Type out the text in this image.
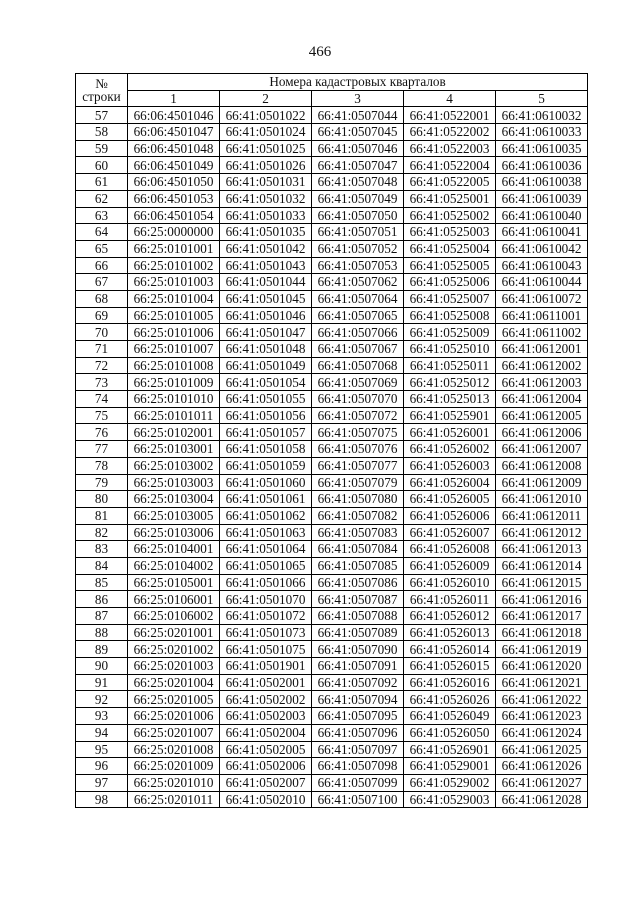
466
№
строки	Номера кадастровых кварталов				
	1	2	3	4	5
57	66:06:4501046	66:41:0501022	66:41:0507044	66:41:0522001	66:41:0610032
58	66:06:4501047	66:41:0501024	66:41:0507045	66:41:0522002	66:41:0610033
59	66:06:4501048	66:41:0501025	66:41:0507046	66:41:0522003	66:41:0610035
60	66:06:4501049	66:41:0501026	66:41:0507047	66:41:0522004	66:41:0610036
61	66:06:4501050	66:41:0501031	66:41:0507048	66:41:0522005	66:41:0610038
62	66:06:4501053	66:41:0501032	66:41:0507049	66:41:0525001	66:41:0610039
63	66:06:4501054	66:41:0501033	66:41:0507050	66:41:0525002	66:41:0610040
64	66:25:0000000	66:41:0501035	66:41:0507051	66:41:0525003	66:41:0610041
65	66:25:0101001	66:41:0501042	66:41:0507052	66:41:0525004	66:41:0610042
66	66:25:0101002	66:41:0501043	66:41:0507053	66:41:0525005	66:41:0610043
67	66:25:0101003	66:41:0501044	66:41:0507062	66:41:0525006	66:41:0610044
68	66:25:0101004	66:41:0501045	66:41:0507064	66:41:0525007	66:41:0610072
69	66:25:0101005	66:41:0501046	66:41:0507065	66:41:0525008	66:41:0611001
70	66:25:0101006	66:41:0501047	66:41:0507066	66:41:0525009	66:41:0611002
71	66:25:0101007	66:41:0501048	66:41:0507067	66:41:0525010	66:41:0612001
72	66:25:0101008	66:41:0501049	66:41:0507068	66:41:0525011	66:41:0612002
73	66:25:0101009	66:41:0501054	66:41:0507069	66:41:0525012	66:41:0612003
74	66:25:0101010	66:41:0501055	66:41:0507070	66:41:0525013	66:41:0612004
75	66:25:0101011	66:41:0501056	66:41:0507072	66:41:0525901	66:41:0612005
76	66:25:0102001	66:41:0501057	66:41:0507075	66:41:0526001	66:41:0612006
77	66:25:0103001	66:41:0501058	66:41:0507076	66:41:0526002	66:41:0612007
78	66:25:0103002	66:41:0501059	66:41:0507077	66:41:0526003	66:41:0612008
79	66:25:0103003	66:41:0501060	66:41:0507079	66:41:0526004	66:41:0612009
80	66:25:0103004	66:41:0501061	66:41:0507080	66:41:0526005	66:41:0612010
81	66:25:0103005	66:41:0501062	66:41:0507082	66:41:0526006	66:41:0612011
82	66:25:0103006	66:41:0501063	66:41:0507083	66:41:0526007	66:41:0612012
83	66:25:0104001	66:41:0501064	66:41:0507084	66:41:0526008	66:41:0612013
84	66:25:0104002	66:41:0501065	66:41:0507085	66:41:0526009	66:41:0612014
85	66:25:0105001	66:41:0501066	66:41:0507086	66:41:0526010	66:41:0612015
86	66:25:0106001	66:41:0501070	66:41:0507087	66:41:0526011	66:41:0612016
87	66:25:0106002	66:41:0501072	66:41:0507088	66:41:0526012	66:41:0612017
88	66:25:0201001	66:41:0501073	66:41:0507089	66:41:0526013	66:41:0612018
89	66:25:0201002	66:41:0501075	66:41:0507090	66:41:0526014	66:41:0612019
90	66:25:0201003	66:41:0501901	66:41:0507091	66:41:0526015	66:41:0612020
91	66:25:0201004	66:41:0502001	66:41:0507092	66:41:0526016	66:41:0612021
92	66:25:0201005	66:41:0502002	66:41:0507094	66:41:0526026	66:41:0612022
93	66:25:0201006	66:41:0502003	66:41:0507095	66:41:0526049	66:41:0612023
94	66:25:0201007	66:41:0502004	66:41:0507096	66:41:0526050	66:41:0612024
95	66:25:0201008	66:41:0502005	66:41:0507097	66:41:0526901	66:41:0612025
96	66:25:0201009	66:41:0502006	66:41:0507098	66:41:0529001	66:41:0612026
97	66:25:0201010	66:41:0502007	66:41:0507099	66:41:0529002	66:41:0612027
98	66:25:0201011	66:41:0502010	66:41:0507100	66:41:0529003	66:41:0612028
